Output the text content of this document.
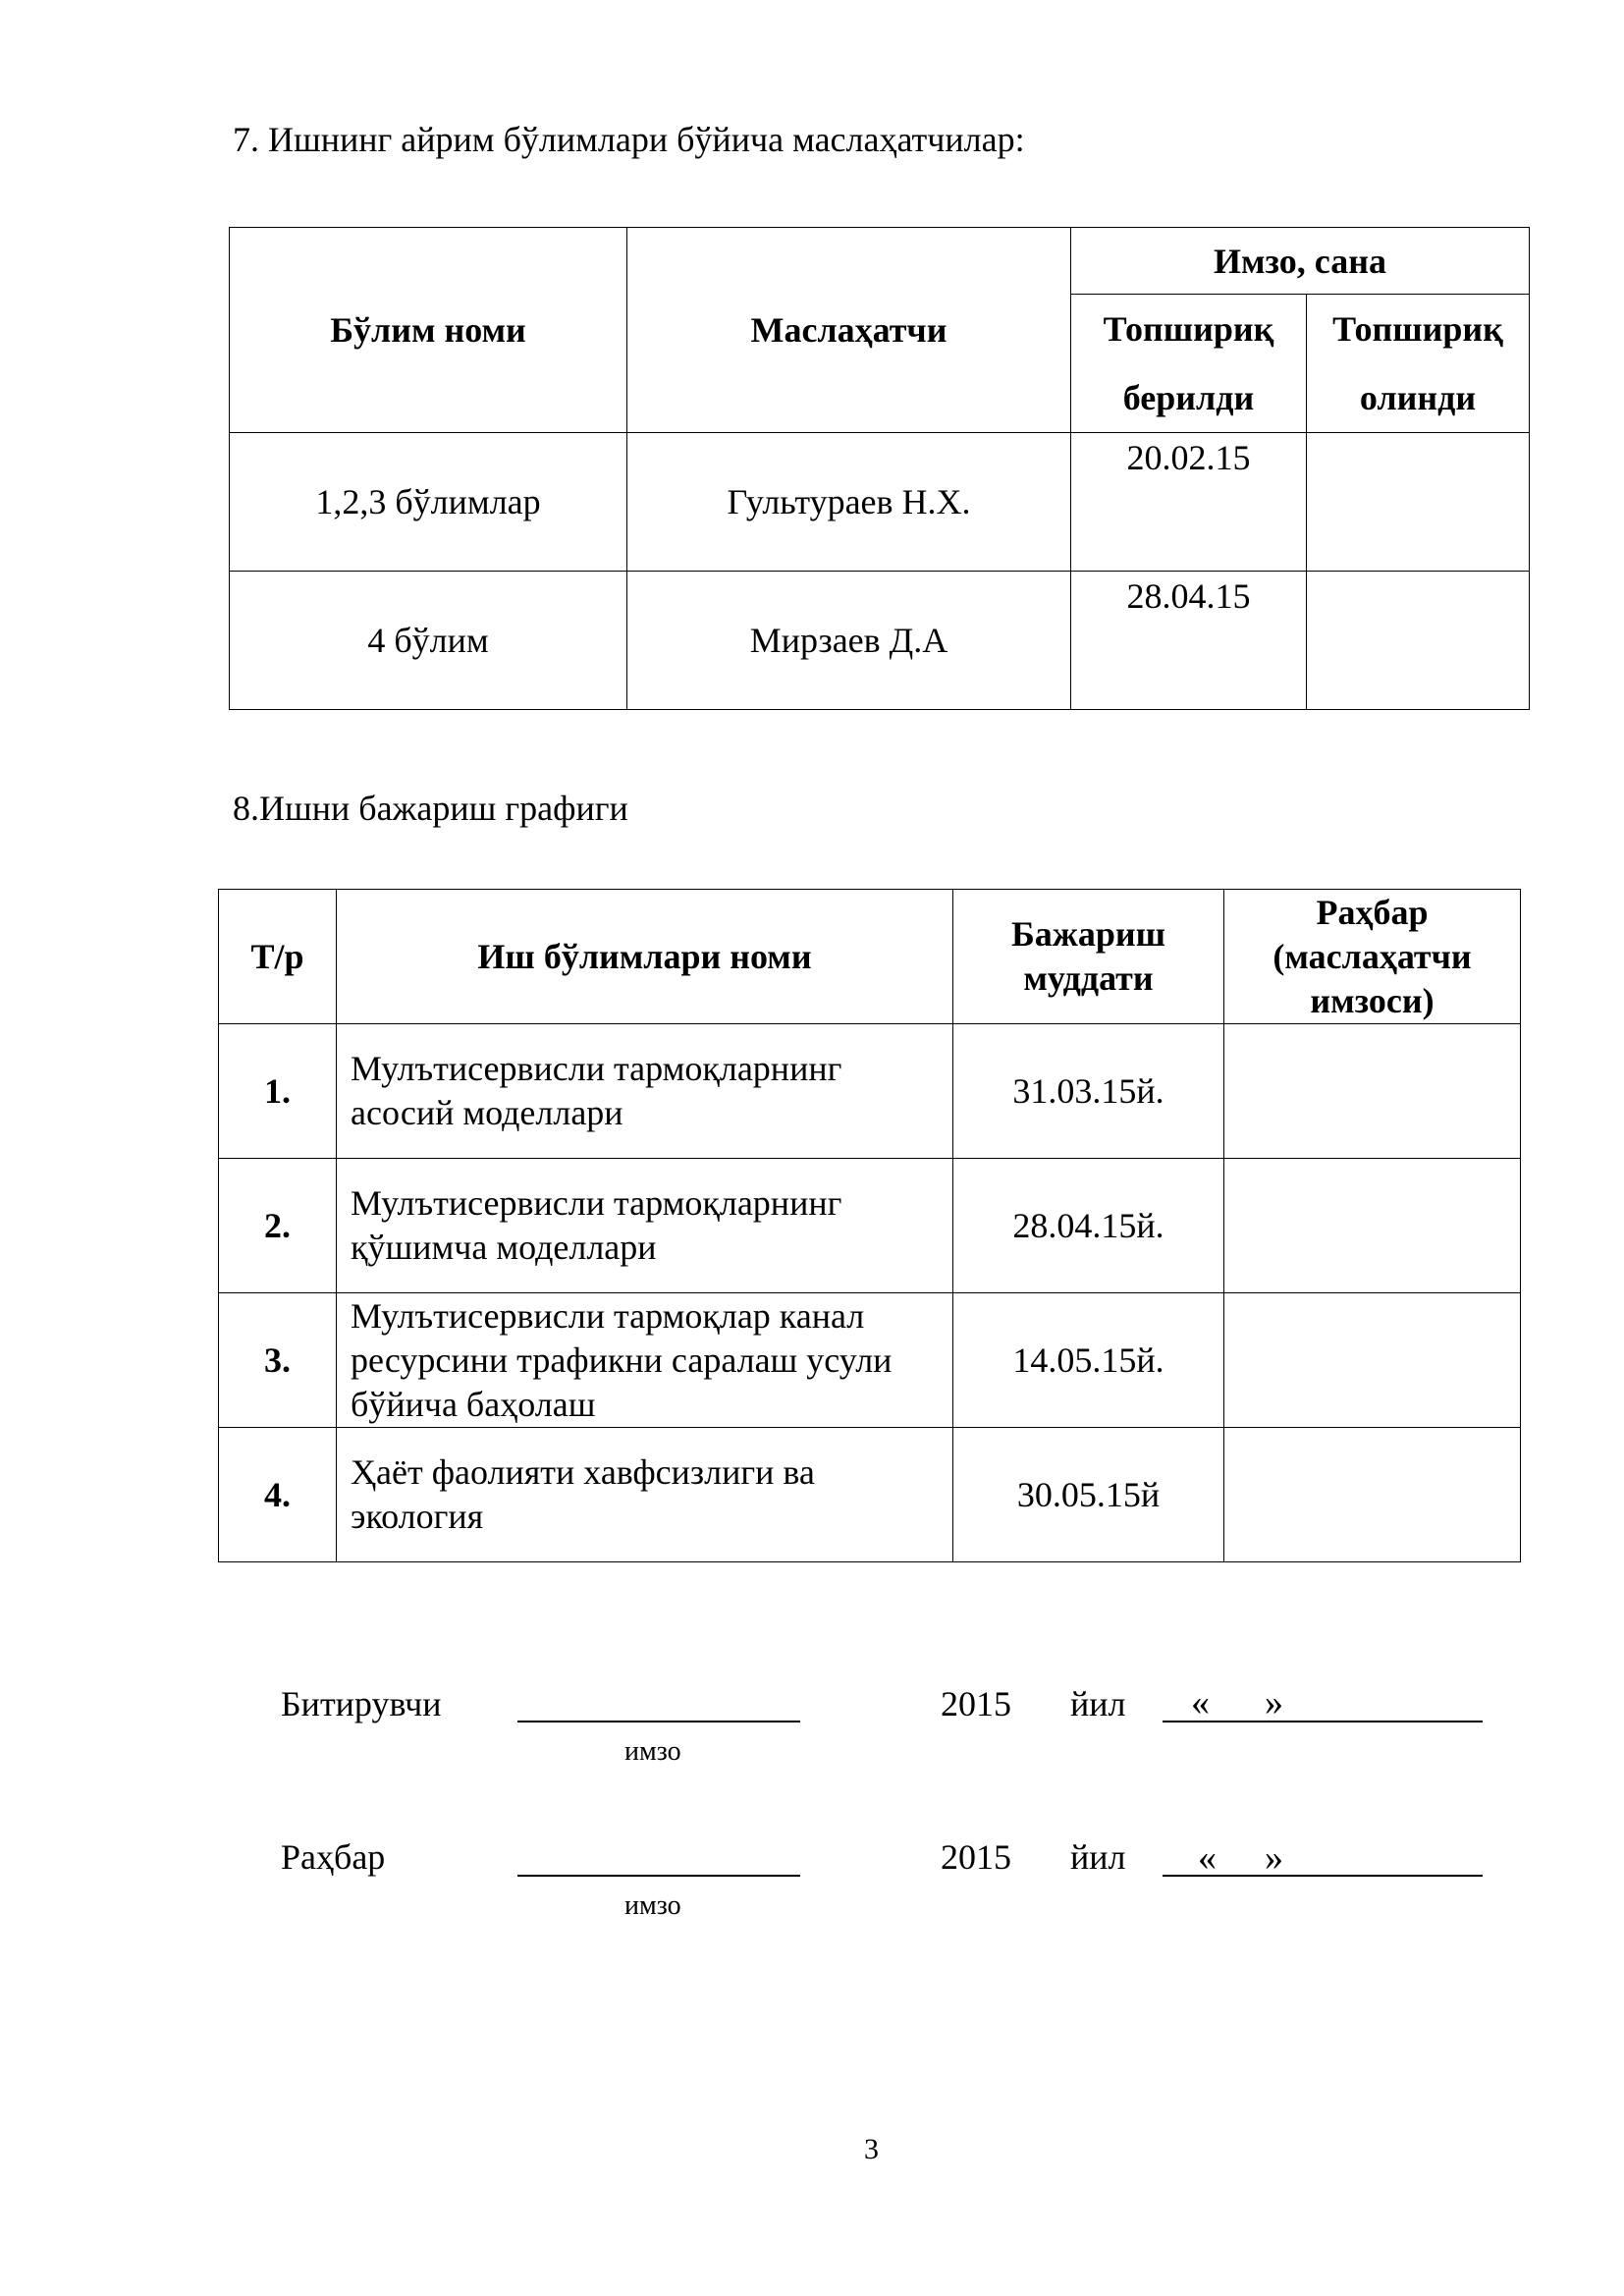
7. Ишнинг айрим бўлимлари бўйича маслаҳатчилар:
Бўлим номи	Маслаҳатчи	Имзо, сана	
		Топшириқ берилди	Топшириқ олинди
1,2,3 бўлимлар	Гультураев Н.Х.	20.02.15	
4 бўлим	Мирзаев Д.А	28.04.15	
8.Ишни бажариш графиги
Т/р	Иш бўлимлари номи	Бажариш муддати	Раҳбар (маслаҳатчи имзоси)
1.	Мулътисервисли тармоқларнинг асосий моделлари	31.03.15й.	
2.	Мулътисервисли тармоқларнинг қўшимча моделлари	28.04.15й.	
3.	Мулътисервисли тармоқлар канал ресурсини трафикни саралаш усули бўйича баҳолаш	14.05.15й.	
4.	Ҳаёт фаолияти хавфсизлиги ва экология	30.05.15й	
Битирувчи
имзо
2015 йил « »
Раҳбар
имзо
2015 йил « »
3
